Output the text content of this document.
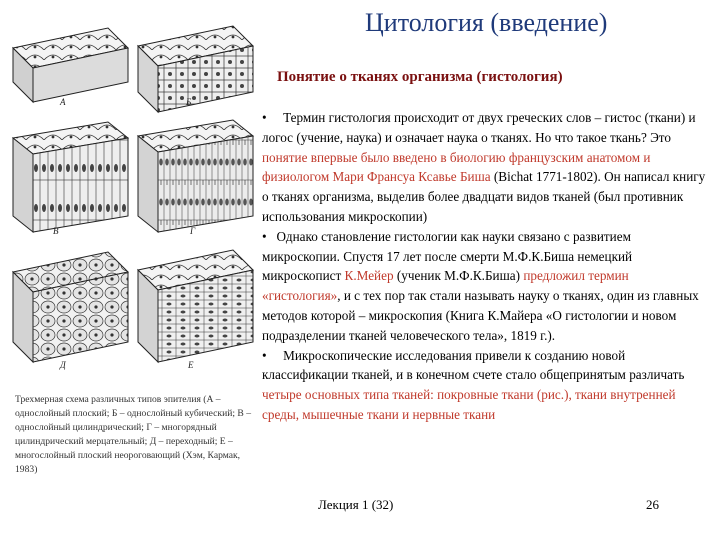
Цитология (введение)
Понятие о тканях организма (гистология)
А	Б
В	Г
Д	Е
Трехмерная схема различных типов эпителия (А – однослойный плоский; Б – однослойный кубический; В – однослойный цилиндрический; Г – многорядный цилиндрический мерцательный; Д – переходный; Е – многослойный плоский неороговающий (Хэм, Кармак, 1983)

• Термин гистология происходит от двух греческих слов – гистос (ткани) и логос (учение, наука) и означает наука о тканях. Но что такое ткань? Это понятие впервые было введено в биологию французским анатомом и физиологом Мари Франсуа Ксавье Биша (Bichat 1771-1802). Он написал книгу о тканях организма, выделив более двадцати видов тканей (был противник использования микроскопии)

• Однако становление гистологии как науки связано с развитием микроскопии. Спустя 17 лет после смерти М.Ф.К.Биша немецкий микроскопист К.Мейер (ученик М.Ф.К.Биша) предложил термин «гистология», и с тех пор так стали называть науку о тканях, один из главных методов которой – микроскопия (Книга К.Майера «О гистологии и новом подразделении тканей человеческого тела», 1819 г.).

• Микроскопические исследования привели к созданию новой классификации тканей, и в конечном счете стало общепринятым различать четыре основных типа тканей: покровные ткани (рис.), ткани внутренней среды, мышечные ткани и нервные ткани

Лекция 1 (32)	26
